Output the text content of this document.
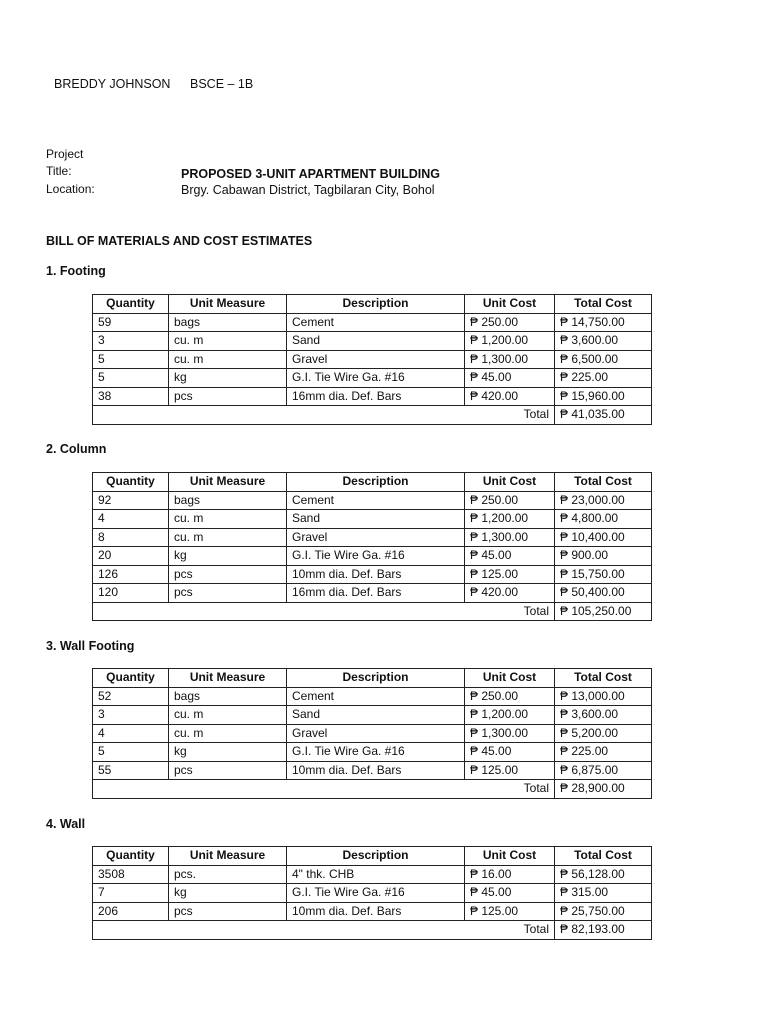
BREDDY JOHNSON BSCE – 1B
Project
Title:	PROPOSED 3-UNIT APARTMENT BUILDING
Location:	Brgy. Cabawan District, Tagbilaran City, Bohol
BILL OF MATERIALS AND COST ESTIMATES
1. Footing
Quantity	Unit Measure	Description	Unit Cost	Total Cost
59	bags	Cement	₱ 250.00	₱ 14,750.00
3	cu. m	Sand	₱ 1,200.00	₱ 3,600.00
5	cu. m	Gravel	₱ 1,300.00	₱ 6,500.00
5	kg	G.I. Tie Wire Ga. #16	₱ 45.00	₱ 225.00
38	pcs	16mm dia. Def. Bars	₱ 420.00	₱ 15,960.00
Total				₱ 41,035.00
2. Column
Quantity	Unit Measure	Description	Unit Cost	Total Cost
92	bags	Cement	₱ 250.00	₱ 23,000.00
4	cu. m	Sand	₱ 1,200.00	₱ 4,800.00
8	cu. m	Gravel	₱ 1,300.00	₱ 10,400.00
20	kg	G.I. Tie Wire Ga. #16	₱ 45.00	₱ 900.00
126	pcs	10mm dia. Def. Bars	₱ 125.00	₱ 15,750.00
120	pcs	16mm dia. Def. Bars	₱ 420.00	₱ 50,400.00
Total				₱ 105,250.00
3. Wall Footing
Quantity	Unit Measure	Description	Unit Cost	Total Cost
52	bags	Cement	₱ 250.00	₱ 13,000.00
3	cu. m	Sand	₱ 1,200.00	₱ 3,600.00
4	cu. m	Gravel	₱ 1,300.00	₱ 5,200.00
5	kg	G.I. Tie Wire Ga. #16	₱ 45.00	₱ 225.00
55	pcs	10mm dia. Def. Bars	₱ 125.00	₱ 6,875.00
Total				₱ 28,900.00
4. Wall
Quantity	Unit Measure	Description	Unit Cost	Total Cost
3508	pcs.	4" thk. CHB	₱ 16.00	₱ 56,128.00
7	kg	G.I. Tie Wire Ga. #16	₱ 45.00	₱ 315.00
206	pcs	10mm dia. Def. Bars	₱ 125.00	₱ 25,750.00
Total				₱ 82,193.00
